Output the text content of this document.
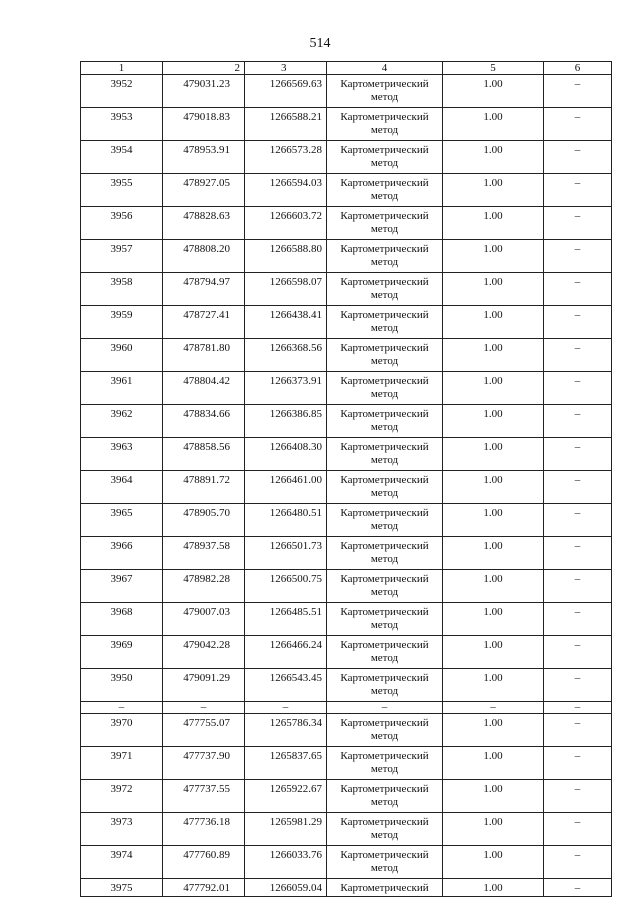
514
1	2	3	4	5	6
3952	479031.23	1266569.63	Картометрический метод	1.00	–
3953	479018.83	1266588.21	Картометрический метод	1.00	–
3954	478953.91	1266573.28	Картометрический метод	1.00	–
3955	478927.05	1266594.03	Картометрический метод	1.00	–
3956	478828.63	1266603.72	Картометрический метод	1.00	–
3957	478808.20	1266588.80	Картометрический метод	1.00	–
3958	478794.97	1266598.07	Картометрический метод	1.00	–
3959	478727.41	1266438.41	Картометрический метод	1.00	–
3960	478781.80	1266368.56	Картометрический метод	1.00	–
3961	478804.42	1266373.91	Картометрический метод	1.00	–
3962	478834.66	1266386.85	Картометрический метод	1.00	–
3963	478858.56	1266408.30	Картометрический метод	1.00	–
3964	478891.72	1266461.00	Картометрический метод	1.00	–
3965	478905.70	1266480.51	Картометрический метод	1.00	–
3966	478937.58	1266501.73	Картометрический метод	1.00	–
3967	478982.28	1266500.75	Картометрический метод	1.00	–
3968	479007.03	1266485.51	Картометрический метод	1.00	–
3969	479042.28	1266466.24	Картометрический метод	1.00	–
3950	479091.29	1266543.45	Картометрический метод	1.00	–
–	–	–	–	–	–
3970	477755.07	1265786.34	Картометрический метод	1.00	–
3971	477737.90	1265837.65	Картометрический метод	1.00	–
3972	477737.55	1265922.67	Картометрический метод	1.00	–
3973	477736.18	1265981.29	Картометрический метод	1.00	–
3974	477760.89	1266033.76	Картометрический метод	1.00	–
3975	477792.01	1266059.04	Картометрический	1.00	–
